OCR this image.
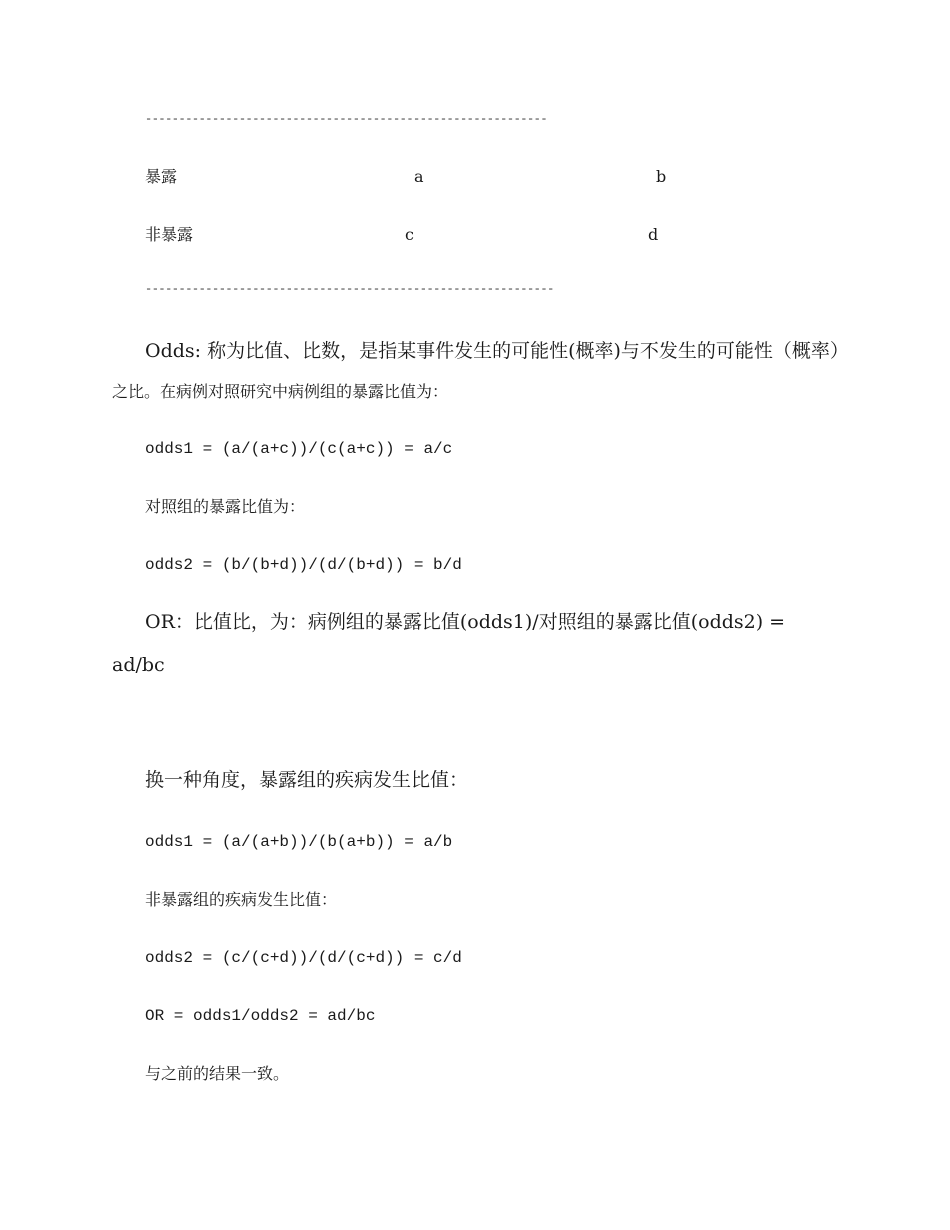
------------------------------------------------------------
暴露	a	b
非暴露	c	d
-------------------------------------------------------------
Odds: 称为比值、比数，是指某事件发生的可能性(概率)与不发生的可能性（概率）
之比。在病例对照研究中病例组的暴露比值为：
odds1 = (a/(a+c))/(c(a+c)) = a/c
对照组的暴露比值为：
odds2 = (b/(b+d))/(d/(b+d)) = b/d
OR：比值比，为：病例组的暴露比值(odds1)/对照组的暴露比值(odds2) =
ad/bc
换一种角度，暴露组的疾病发生比值：
odds1 = (a/(a+b))/(b(a+b)) = a/b
非暴露组的疾病发生比值：
odds2 = (c/(c+d))/(d/(c+d)) = c/d
OR = odds1/odds2 = ad/bc
与之前的结果一致。
